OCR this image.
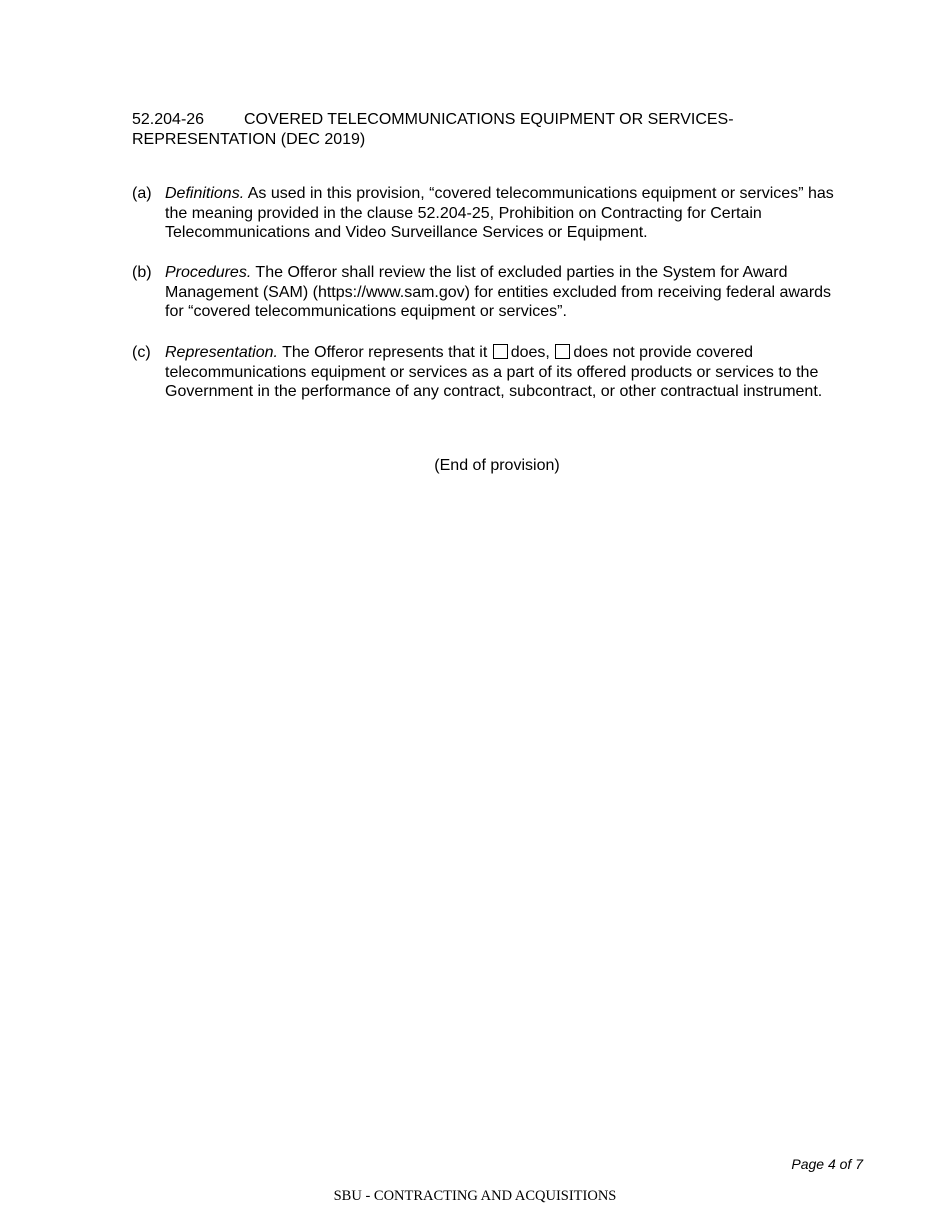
52.204-26 COVERED TELECOMMUNICATIONS EQUIPMENT OR SERVICES-
REPRESENTATION (DEC 2019)
(a) Definitions. As used in this provision, “covered telecommunications equipment or services” has the meaning provided in the clause 52.204-25, Prohibition on Contracting for Certain Telecommunications and Video Surveillance Services or Equipment.
(b) Procedures. The Offeror shall review the list of excluded parties in the System for Award Management (SAM) (https://www.sam.gov) for entities excluded from receiving federal awards for “covered telecommunications equipment or services”.
(c) Representation. The Offeror represents that it does, does not provide covered telecommunications equipment or services as a part of its offered products or services to the Government in the performance of any contract, subcontract, or other contractual instrument.
(End of provision)
Page 4 of 7
SBU - CONTRACTING AND ACQUISITIONS
